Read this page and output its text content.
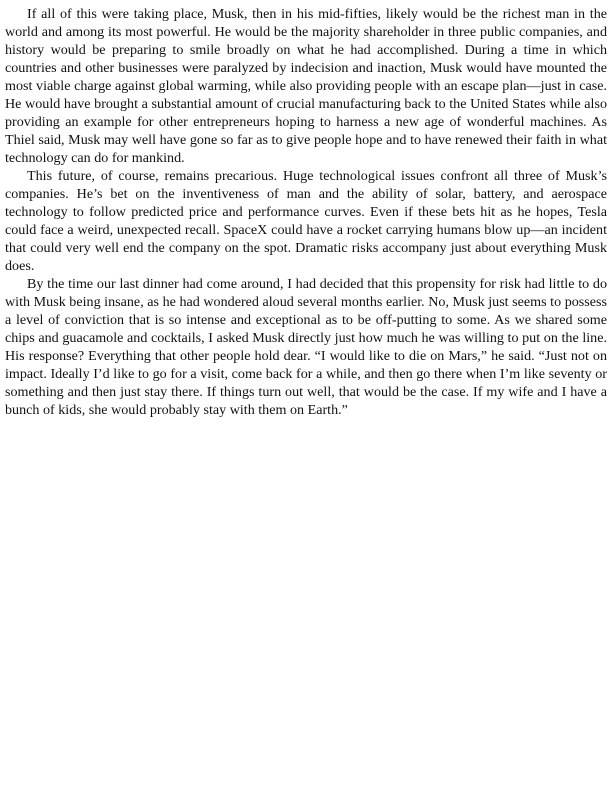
If all of this were taking place, Musk, then in his mid-fifties, likely would be the richest man in the world and among its most powerful. He would be the majority shareholder in three public companies, and history would be preparing to smile broadly on what he had accomplished. During a time in which countries and other businesses were paralyzed by indecision and inaction, Musk would have mounted the most viable charge against global warming, while also providing people with an escape plan—just in case. He would have brought a substantial amount of crucial manufacturing back to the United States while also providing an example for other entrepreneurs hoping to harness a new age of wonderful machines. As Thiel said, Musk may well have gone so far as to give people hope and to have renewed their faith in what technology can do for mankind.

This future, of course, remains precarious. Huge technological issues confront all three of Musk’s companies. He’s bet on the inventiveness of man and the ability of solar, battery, and aerospace technology to follow predicted price and performance curves. Even if these bets hit as he hopes, Tesla could face a weird, unexpected recall. SpaceX could have a rocket carrying humans blow up—an incident that could very well end the company on the spot. Dramatic risks accompany just about everything Musk does.

By the time our last dinner had come around, I had decided that this propensity for risk had little to do with Musk being insane, as he had wondered aloud several months earlier. No, Musk just seems to possess a level of conviction that is so intense and exceptional as to be off-putting to some. As we shared some chips and guacamole and cocktails, I asked Musk directly just how much he was willing to put on the line. His response? Everything that other people hold dear. “I would like to die on Mars,” he said. “Just not on impact. Ideally I’d like to go for a visit, come back for a while, and then go there when I’m like seventy or something and then just stay there. If things turn out well, that would be the case. If my wife and I have a bunch of kids, she would probably stay with them on Earth.”
